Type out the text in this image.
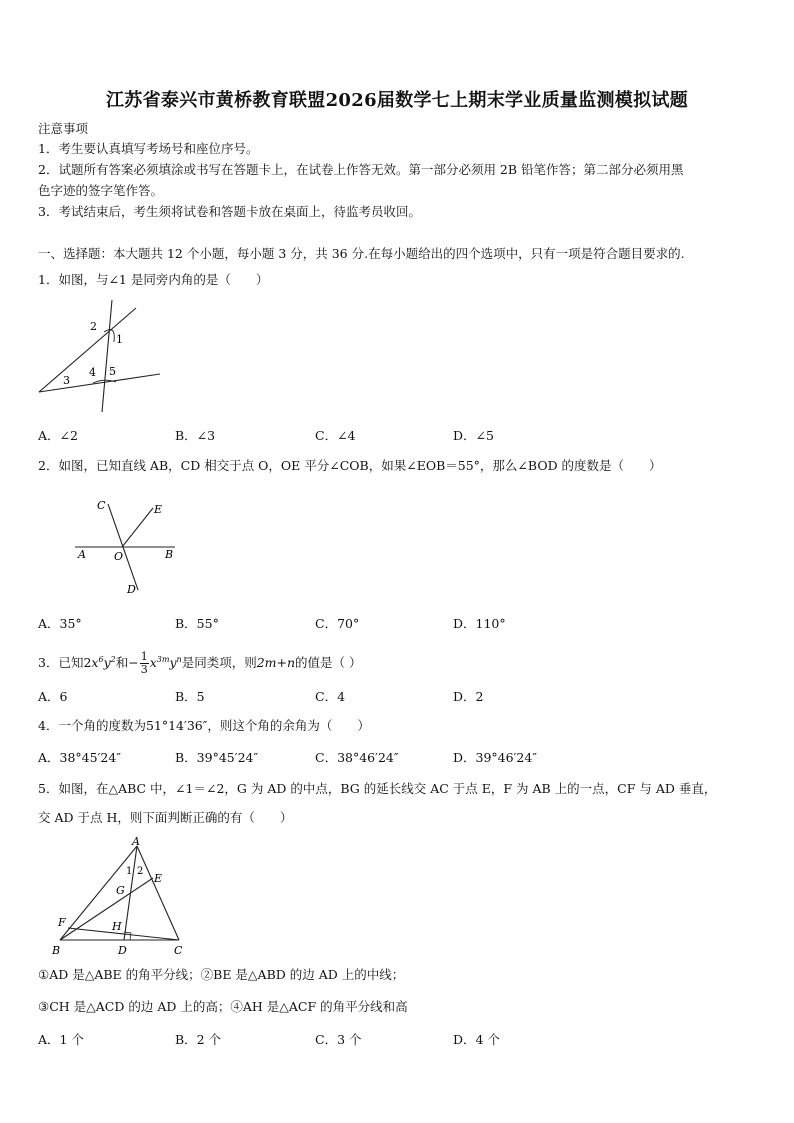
江苏省泰兴市黄桥教育联盟2026届数学七上期末学业质量监测模拟试题
注意事项
1．考生要认真填写考场号和座位序号。
2．试题所有答案必须填涂或书写在答题卡上，在试卷上作答无效。第一部分必须用 2B 铅笔作答；第二部分必须用黑
色字迹的签字笔作答。
3．考试结束后，考生须将试卷和答题卡放在桌面上，待监考员收回。
一、选择题：本大题共 12 个小题，每小题 3 分，共 36 分.在每小题给出的四个选项中，只有一项是符合题目要求的.
1．如图，与∠1 是同旁内角的是（　　）
2
1
3
4 5
A．∠2	B．∠3	C．∠4	D．∠5
2．如图，已知直线 AB，CD 相交于点 O，OE 平分∠COB，如果∠EOB＝55°，那么∠BOD 的度数是（　　）
C	E
A	O	B
D
A．35°	B．55°	C．70°	D．110°
3．已知$2x^6y^2$和− $\frac{1}{3} x^{3m}y^n$是同类项，则2m+n的值是（ ）
A．6	B．5	C．4	D．2
4．一个角的度数为51°14′36″，则这个角的余角为（　　）
A．38°45′24″	B．39°45′24″	C．38°46′24″	D．39°46′24″
5．如图，在△ABC 中，∠1＝∠2，G 为 AD 的中点，BG 的延长线交 AC 于点 E，F 为 AB 上的一点，CF 与 AD 垂直，
交 AD 于点 H，则下面判断正确的有（　　）
A
1 2
G
E
F	H
B	D	C
①AD 是△ABE 的角平分线；②BE 是△ABD 的边 AD 上的中线；
③CH 是△ACD 的边 AD 上的高；④AH 是△ACF 的角平分线和高
A．1 个	B．2 个	C．3 个	D．4 个
